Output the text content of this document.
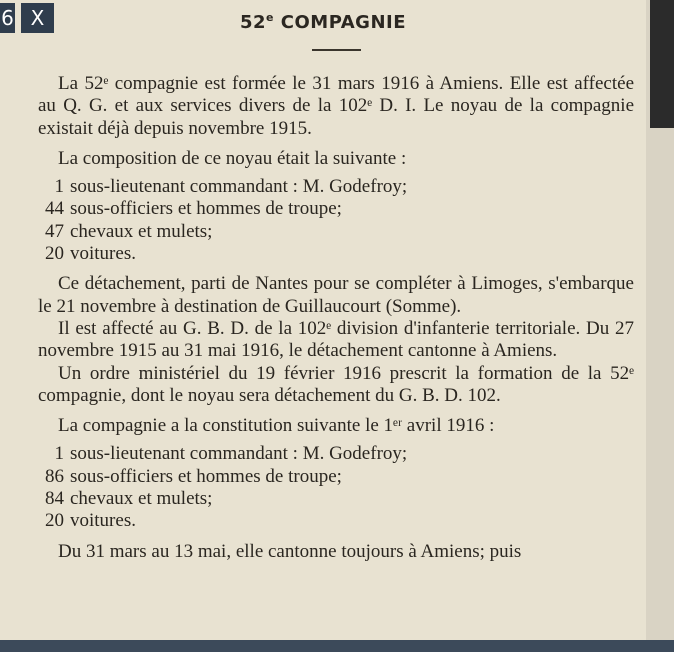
52e COMPAGNIE

La 52ᵉ compagnie est formée le 31 mars 1916 à Amiens. Elle est affectée au Q. G. et aux services divers de la 102ᵉ D. I. Le noyau de la compagnie existait déjà depuis novembre 1915.

La composition de ce noyau était la suivante :

1 sous-lieutenant commandant : M. Godefroy;
44 sous-officiers et hommes de troupe;
47 chevaux et mulets;
20 voitures.

Ce détachement, parti de Nantes pour se compléter à Limoges, s'embarque le 21 novembre à destination de Guillaucourt (Somme).

Il est affecté au G. B. D. de la 102ᵉ division d'infanterie territoriale. Du 27 novembre 1915 au 31 mai 1916, le détachement cantonne à Amiens.

Un ordre ministériel du 19 février 1916 prescrit la formation de la 52ᵉ compagnie, dont le noyau sera détachement du G. B. D. 102.

La compagnie a la constitution suivante le 1ᵉʳ avril 1916 :

1 sous-lieutenant commandant : M. Godefroy;
86 sous-officiers et hommes de troupe;
84 chevaux et mulets;
20 voitures.

Du 31 mars au 13 mai, elle cantonne toujours à Amiens; puis

6 X
